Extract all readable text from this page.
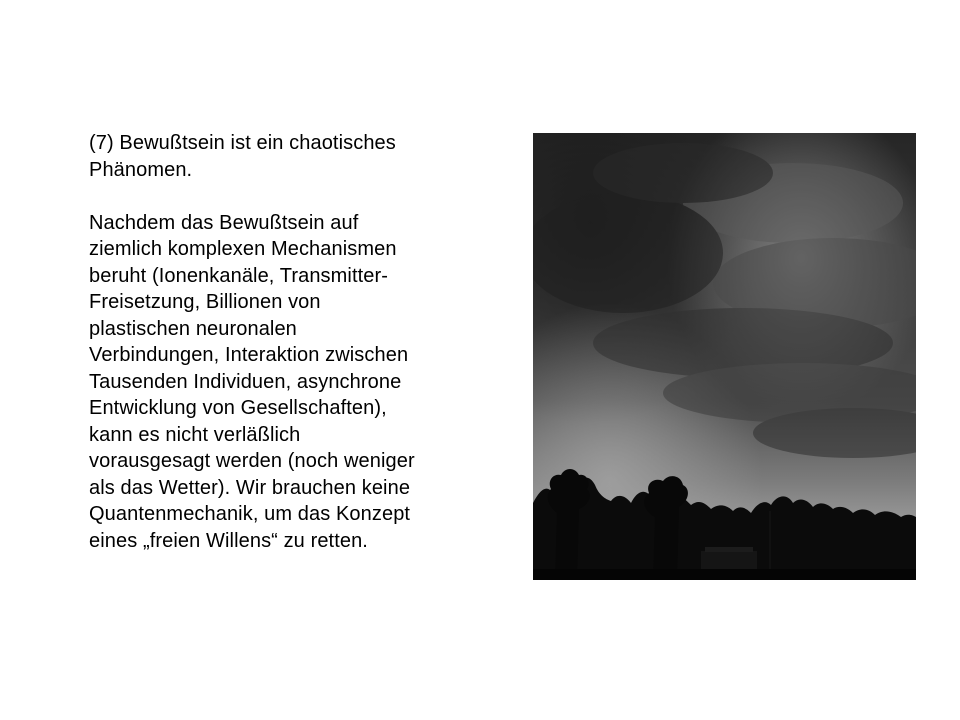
(7) Bewußtsein ist ein chaotisches
Phänomen.

Nachdem das Bewußtsein auf
ziemlich komplexen Mechanismen
beruht (Ionenkanäle, Transmitter-
Freisetzung, Billionen von
plastischen neuronalen
Verbindungen, Interaktion zwischen
Tausenden Individuen, asynchrone
Entwicklung von Gesellschaften),
kann es nicht verläßlich
vorausgesagt werden (noch weniger
als das Wetter). Wir brauchen keine
Quantenmechanik, um das Konzept
eines „freien Willens“ zu retten.
